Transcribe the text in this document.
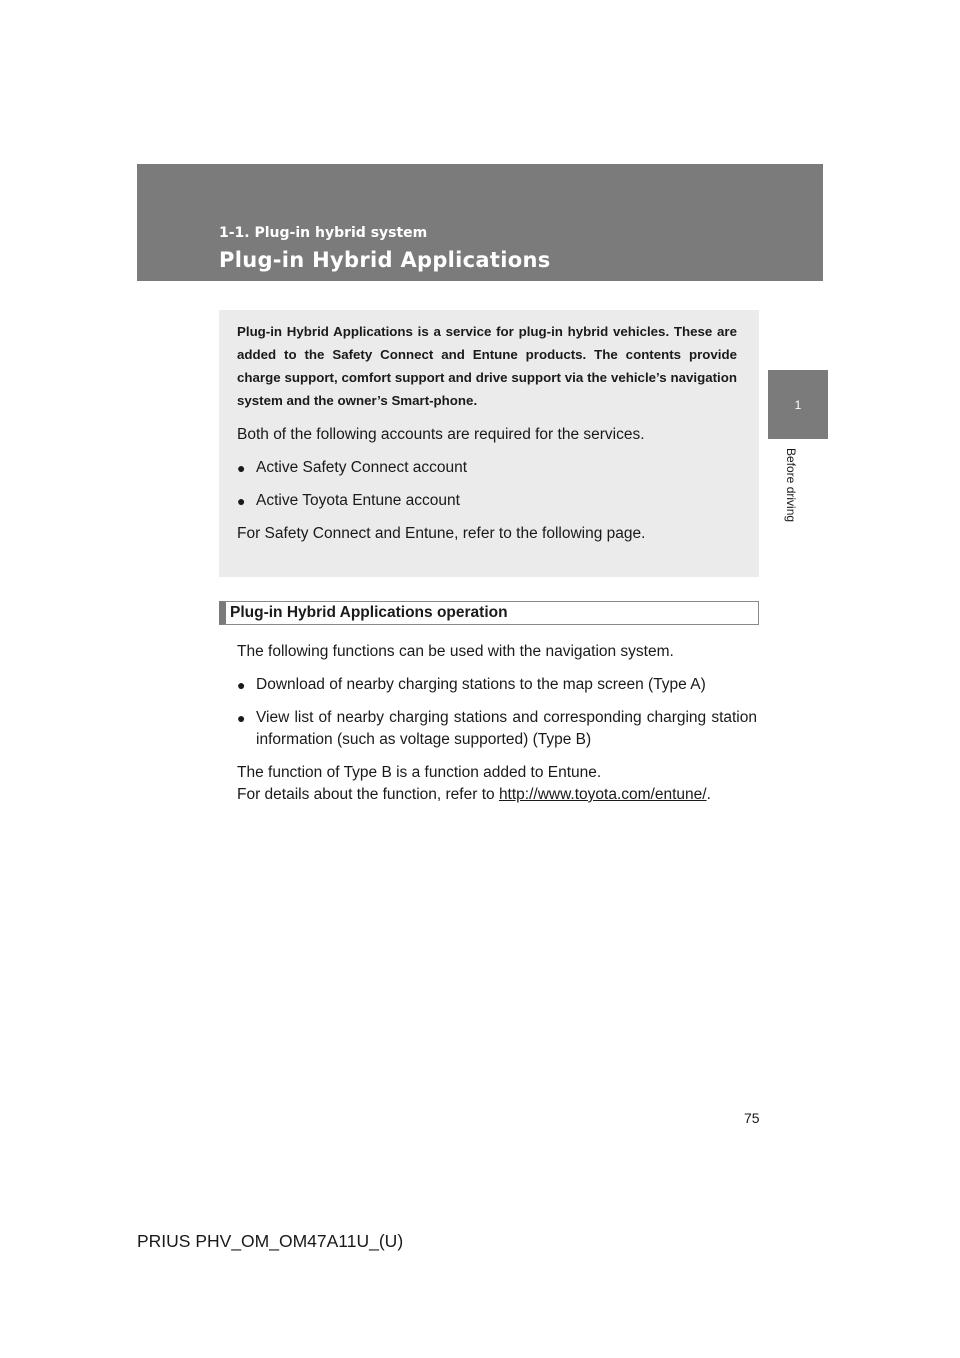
1-1. Plug-in hybrid system
Plug-in Hybrid Applications
1
Before driving
Plug-in Hybrid Applications is a service for plug-in hybrid vehicles. These are added to the Safety Connect and Entune products. The contents provide charge support, comfort support and drive support via the vehicle’s navigation system and the owner’s Smart-phone.
Both of the following accounts are required for the services.
● Active Safety Connect account
● Active Toyota Entune account
For Safety Connect and Entune, refer to the following page.
Plug-in Hybrid Applications operation
The following functions can be used with the navigation system.
● Download of nearby charging stations to the map screen (Type A)
● View list of nearby charging stations and corresponding charging station information (such as voltage supported) (Type B)
The function of Type B is a function added to Entune.
For details about the function, refer to http://www.toyota.com/entune/.
75
PRIUS PHV_OM_OM47A11U_(U)
